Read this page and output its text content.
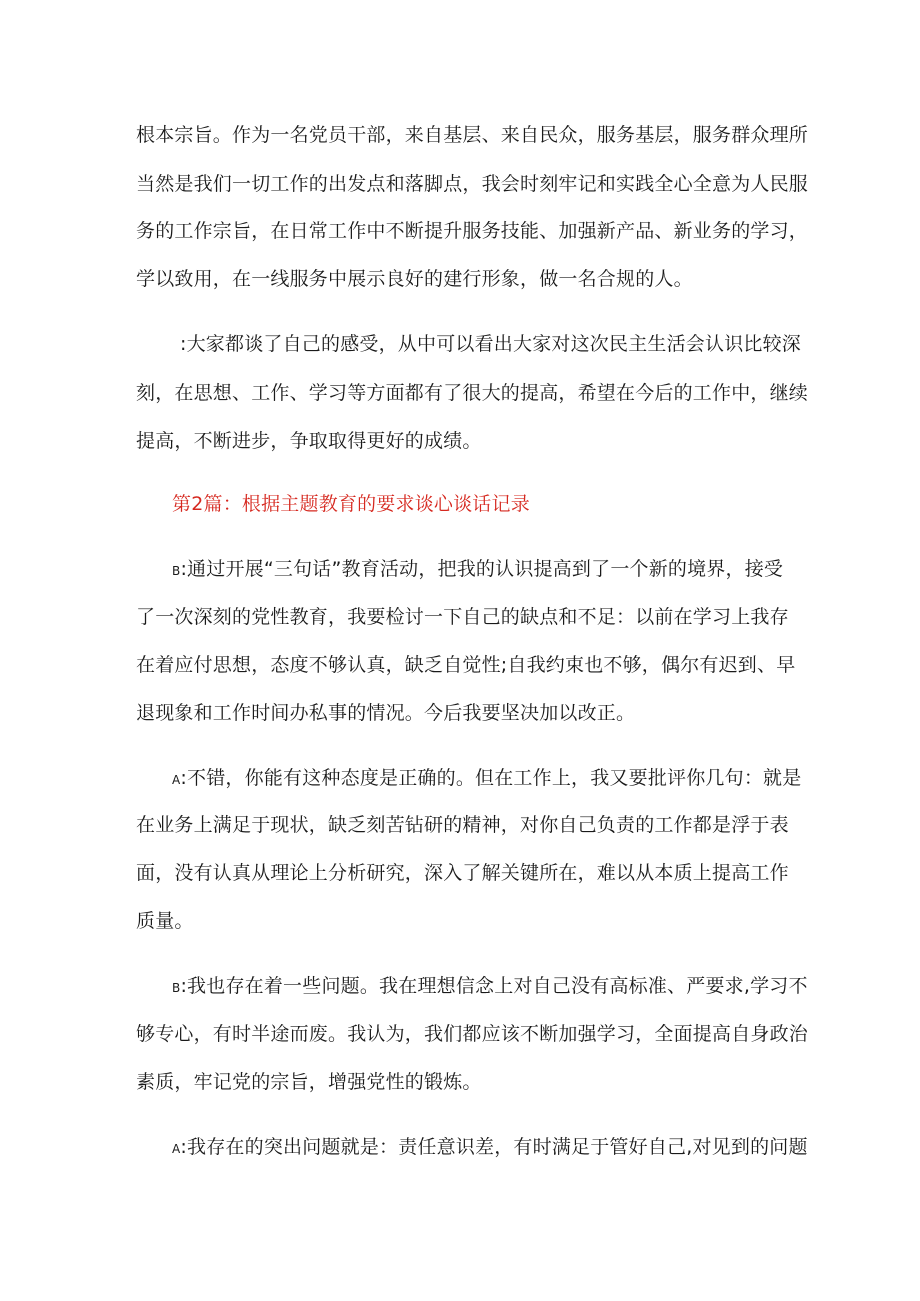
根本宗旨。作为一名党员干部，来自基层、来自民众，服务基层，服务群众理所
当然是我们一切工作的出发点和落脚点，我会时刻牢记和实践全心全意为人民服
务的工作宗旨，在日常工作中不断提升服务技能、加强新产品、新业务的学习，
学以致用，在一线服务中展示良好的建行形象，做一名合规的人。
:大家都谈了自己的感受，从中可以看出大家对这次民主生活会认识比较深
刻，在思想、工作、学习等方面都有了很大的提高，希望在今后的工作中，继续
提高，不断进步，争取取得更好的成绩。
第2篇：根据主题教育的要求谈心谈话记录
B:通过开展“三句话”教育活动，把我的认识提高到了一个新的境界，接受
了一次深刻的党性教育，我要检讨一下自己的缺点和不足：以前在学习上我存
在着应付思想，态度不够认真，缺乏自觉性;自我约束也不够，偶尔有迟到、早
退现象和工作时间办私事的情况。今后我要坚决加以改正。
A:不错，你能有这种态度是正确的。但在工作上，我又要批评你几句：就是
在业务上满足于现状，缺乏刻苦钻研的精神，对你自己负责的工作都是浮于表
面，没有认真从理论上分析研究，深入了解关键所在，难以从本质上提高工作
质量。
B:我也存在着一些问题。我在理想信念上对自己没有高标准、严要求,学习不
够专心，有时半途而废。我认为，我们都应该不断加强学习，全面提高自身政治
素质，牢记党的宗旨，增强党性的锻炼。
A:我存在的突出问题就是：责任意识差，有时满足于管好自己,对见到的问题
